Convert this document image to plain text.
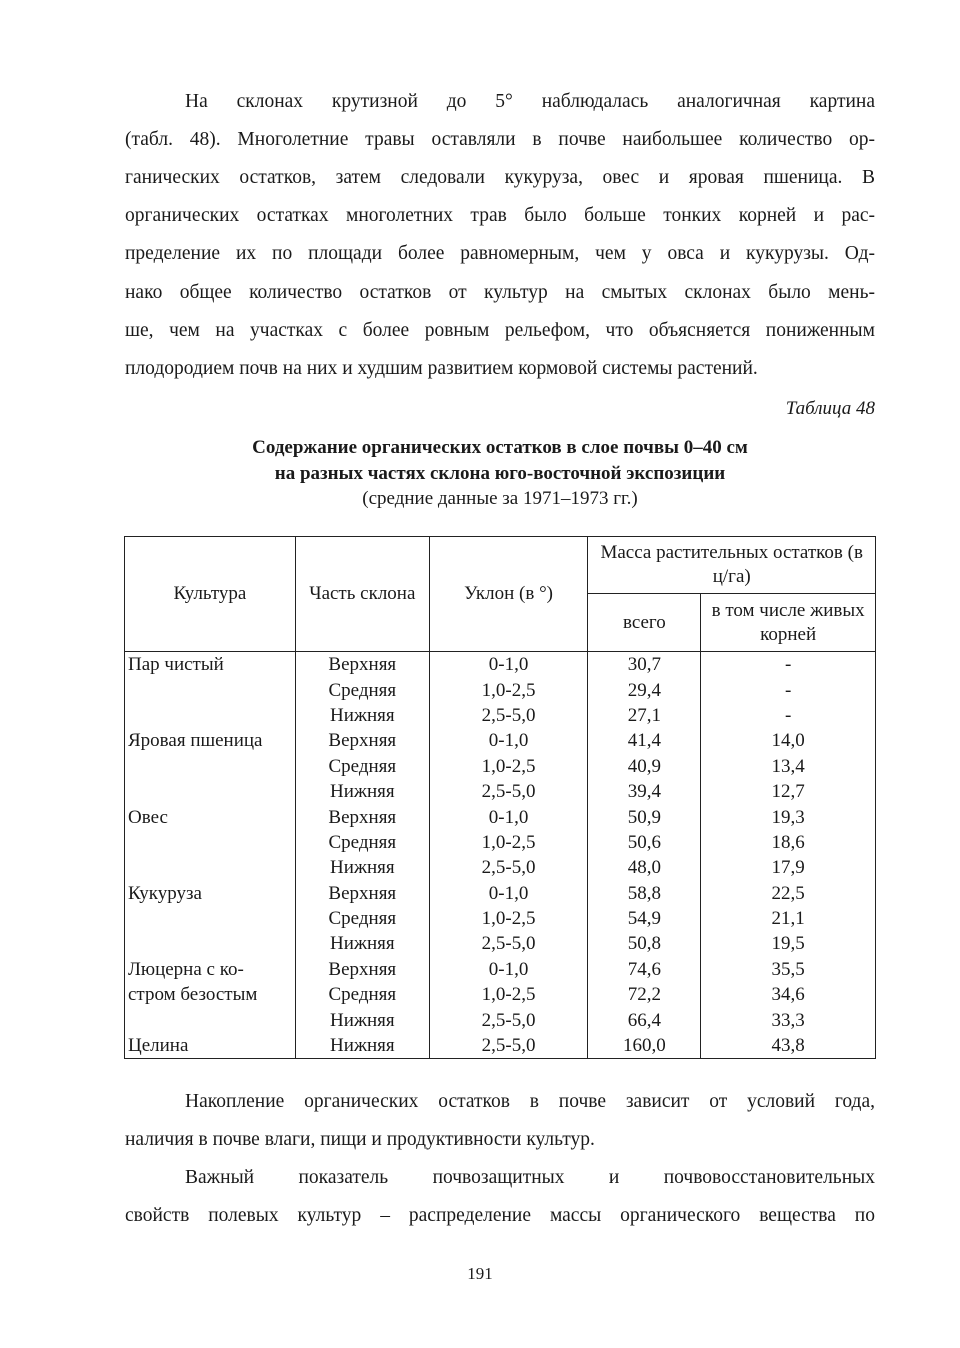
На склонах крутизной до 5° наблюдалась аналогичная картина

(табл. 48). Многолетние травы оставляли в почве наибольшее количество ор-

ганических остатков, затем следовали кукуруза, овес и яровая пшеница. В

органических остатках многолетних трав было больше тонких корней и рас-

пределение их по площади более равномерным, чем у овса и кукурузы. Од-

нако общее количество остатков от культур на смытых склонах было мень-

ше, чем на участках с более ровным рельефом, что объясняется пониженным

плодородием почв на них и худшим развитием кормовой системы растений.

Таблица 48
Содержание органических остатков в слое почвы 0–40 см
на разных частях склона юго-восточной экспозиции
(средние данные за 1971–1973 гг.)
Культура	Часть склона	Уклон (в °)	Масса растительных остатков (в ц/га)	
			всего	в том числе живых корней
Пар чистый	Верхняя	0-1,0	30,7	-
	Средняя	1,0-2,5	29,4	-
	Нижняя	2,5-5,0	27,1	-
Яровая пшеница	Верхняя	0-1,0	41,4	14,0
	Средняя	1,0-2,5	40,9	13,4
	Нижняя	2,5-5,0	39,4	12,7
Овес	Верхняя	0-1,0	50,9	19,3
	Средняя	1,0-2,5	50,6	18,6
	Нижняя	2,5-5,0	48,0	17,9
Кукуруза	Верхняя	0-1,0	58,8	22,5
	Средняя	1,0-2,5	54,9	21,1
	Нижняя	2,5-5,0	50,8	19,5
Люцерна с ко-	Верхняя	0-1,0	74,6	35,5
стром безостым	Средняя	1,0-2,5	72,2	34,6
	Нижняя	2,5-5,0	66,4	33,3
Целина	Нижняя	2,5-5,0	160,0	43,8

Накопление органических остатков в почве зависит от условий года,

наличия в почве влаги, пищи и продуктивности культур.

Важный показатель почвозащитных и почвовосстановительных

свойств полевых культур – распределение массы органического вещества по

191
